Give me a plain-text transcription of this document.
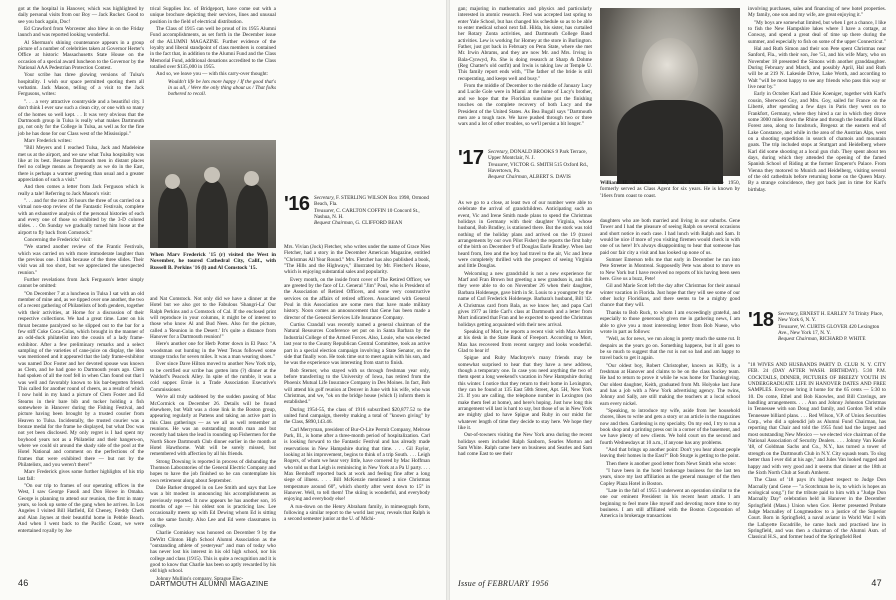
got at the hospital in Hanover, which was highlighted by daily personal visits from our Boy — Jack Rucker. Good to see you back again, Doc!

Ed Crawford from Worcester also blew in on the Friday launch and was reported looking wonderful.

Al Sherman's shining countenance appears in a group picture of a number of celebrities taken at Governor Herter's Office at historic Massachusetts State House on the occasion of a special award luncheon to the Governor by the National AAA Pedestrian Protection Contest.

Your scribe has three glowing versions of Tulsa's hospitality. I wish our space permitted quoting them all verbatim. Jack Mason, telling of a visit to the Jack Fergusons, writes:

". . . a very attractive countryside and a beautiful city. I don't think I ever saw such a clean city, or one with so many of the homes so well kept. . . It was very obvious that the Dartmouth group in Tulsa is really what makes Dartmouth go, not only for the College in Tulsa, as well as for the fine job he has done for our Class west of the Mississippi."

Marv Frederick writes:

"Bill Meyers and I reached Tulsa, Jack and Madeleine met us at the airport, and we saw what Tulsa hospitality was like at its best. Because Dartmouth men in distant places feel no college means as frequently as we do in the East, there is perhaps a warmer greeting than usual and a greater appreciation of such a visit."

And then comes a letter from Jack Ferguson which is really a tale! Referring to Jack Mason's visit:

". . . and for the next 36 hours the three of us carried on a virtual non-stop review of the Fantastic Festivals, complete with an exhaustive analysis of the personal histories of each and every one of those so exhibited by the 3-D colored slides. . . On Sunday we gradually turned him loose at the airport to fly back from Comstock."

Concerning the Fredericks' visit:

"We started another review of the Frantic Festivals, which was carried on with more immoderate laughter than the previous one. I think because of the three slides. Their visit was all too short, but we appreciated the unexpected reunion."

Further revelations from Jack Ferguson's letter simply cannot be omitted:

"On December 7 at a luncheon in Tulsa I sat with an old member of mine and, as we tipped over one another, the two of a recent gathering of Philatelists of both genders, together with their activities, at Horne for a discussion of their respective collections. We had a great time. Later on his throat became paralyzed so he slipped out to the bar for a few stiff Coke Coca-Colas, which brought in the manner of an odd-duck philatelist into the cousin of a lady frame-exhibitor. After a few preliminary remarks and a select sampling of the varieties of cane-juice on display, the idea was mentioned and it appeared that the lady frame-exhibitor was named Doc Foster and her devoted spouse was known as Clem, and he had gone to Dartmouth years ago. Clem had spoken of all the roof fell in when Clan found out that I was well and favorably known to his bar-begotten friend. This called for another round of cheers, as a result of which I now hold in my hand a picture of Clem Foster and Ed Stearns in their bare bib and tucker holding a fish somewhere in Hanover during the Fishing Festival, and picture having been brought by a trusted courier from Heaven to Tulsa. Incidentally, the trusted courier was a bronze medal for the frame he displayed, but what Doc was not yet been disclosed. My only regret is I had spent my boyhood years not as a Philatelist and their hangers-on, where we could sit around the shady side of the pool at the Hotel National and comment on the perfections of the frames that were exhibited there — but not by the Philatelists, and you weren't there!"

Marv Frederick gives some further highlights of his trip last fall:

"On our trip to frames of our operating offices in the West, I saw George Fasoli and Don Howe in Omaha. George is planning to attend our reunion, the first in many years, so look up some of the gang when he arrives. In Los Angeles I visited Bill Hatfield, Ed Cheney, Freddy Cheth and Alan Jaynes at their beautiful home in Pebble Beach. And when I went back to the Pacific Coast, we were entertained royally by Joe

trical Supplies Inc. of Bridgeport, have come out with a unique brochure depicting their services, lines and unusual position in the field of electrical distribution.

The Class of 1915 can well be proud of its 1955 Alumni Fund accomplishments, as set forth in the December issue of the ALUMNI MAGAZINE. Further evidence of the loyalty and liberal standpoint of class members is contained in the fact that, in addition to the Alumni Fund and the Class Memorial Fund, additional donations accredited to the Class totalled over $135,000 in 1955.

And so, we leave you — with this carry-over thought:

Wouldn't life be lots more happy / If the good that's in us all, / Were the only thing about us / That folks bothered to recall.

When Marv Frederick '15 (r) visited the West in November, he toured Cathedral City, Calif., with Russell B. Perkins '16 (l) and Al Comstock '15.

and Nat Comstock. Not only did we have a dinner at the Hotel but we also got to the Fabulous 'Shangri-La' Our Ralph Perkins and a Comstock of Cal. If the enclosed print will reproduce in your columns, it might be of interest to those who know Al and Bud Nees. Also for the picture, called a 'Reunion in the Desert.' It's quite a distance from Hanover for a Dartmouth reunion!"

Here's another one for Herb Potter down in El Paso: "A woodsman out hunting in the West Texas followed some strange tracks for seven miles. It was a man wearing shoes."

Ever since Dave Hilton moved to another New York trip, to be certified our scribe has gotten into (?) dinner at the Waldorf's Peacock Alley. In spite of the rumble, it was a cold supper. Ernie is a Trade Association Executive's Commissioner.

We're all truly saddened by the sudden passing of Mac McCormick on December 26. Details will be found elsewhere, but Walt was a close link in the Boston group, appearing regularly at Pattens and taking an active part in this Class gatherings — as we all as well remember at reunions. He was an outstanding mouth man and but recently had taken the lead in rounding up Fishermen for the North Shore Dartmouth Club dinner earlier in the month at Hotel Hawthorne. Walt will be sorely missed, but remembered with affection by all his friends.

Strong Downing is reported in process of disbanding the Thomson Laboratories of the General Electric Company and hopes to have the job finished so he can contemplate his own retirement along about September.

Dale Barker dropped in on Lee Smith and says that Lee was a bit modest in announcing his accomplishments as previously reported. It now appears he has another son, 16 months of age — his oldest son is practicing law. Lee occasionally meets up with Ed Dewing whom Ed is sitting on the same faculty. Also Lee and Ed were classmates in college.

Charlie Comiskey was honored on December 9 by the DeWitt Clinton High School Alumni Association as the "outstanding athlete of yesteryear" and man of today who has never lost his interest in his old high school, nor his college and class (1915). This is quite a recognition and it is good to know that Charlie has been so aptly rewarded by his old high school.

Johnny Mullins's company, Sprague Elec-

'16 Secretary, F. STERLING WILSON Box 1998, Ormond Beach, Fla.
Treasurer, C. CARLTON COFFIN 10 Concord St., Nashua, N. H.
Bequest Chairman, G. CLIFFORD BEAN

Mrs. Vivian (Jock) Fletcher, who writes under the name of Grace Nies Fletcher, had a story in the December American Magazine, entitled "Christmas All Year Round." Mrs. Fletcher has also published a book, "The Hills and the Highways," illustrated by Mr. Fletcher's House, which is enjoying substantial sales and popularity.

Every month, on the inside front cover of The Retired Officer, we are greeted by the face of Lt. General "Jim" Poul, who is President of the Association of Retired Officers, and some very constructive services on the affairs of retired officers. Associated with General Poul in this Association are some men that have made military history. Noon comes an announcement that Gene has been made a director of the General Services Life Insurance Company.

Curtiss Crandall was recently named a general chairman of the Natural Resources Conference set put on in Santa Barbara by the Industrial College of the Armed Forces. Also, Louie, who was elected last year to the County Republican Central Committee, took an active part in a special election campaign involving a State Senator, on the side that finally won. He took time out to meet again with his son, and he was the experience was interesting from start to finish.

Bob Sterner, who stayed with us through freshman year only, before transferring to the University of Iowa, has retired from the Phoenix Mutual Life Insurance Company in Des Moines. In fact, Bob will attend his golf reunion at Denver in June with his wife, who was Christmas, and we, "ok on the bridge house (which I) inform them is established."

During 1954-55, the class of 1916 subscribed $20,877.52 to the united fund campaign, thereby making a total of "known giving" by the Class, $890,143.46.

Carl Merryman, president of Bur-O-Lite Permit Company, Melrose Park, Ill., is home after a three-month period of hospitalization. Carl is looking forward to the Fantastic Festival and has already made reservations in New Hampshire during that time. . . . Gil Faylor, looking at his improvement, begins to think of a trip South. . . . Leigh Rogers, of whom we hear very little, have cornered by Mac Hoffman who told us that Leigh is reminiscing in New York at a Pa U party. . . . Max Bernhoff reported back at work and feeling fine after a long siege of illness. . . . Bill McKenzie mentioned a nice Christmas temperature around 60°, which shortly after went down to 15° in Hanover. Well, to tell them! The skiing is wonderful, and everybody enjoying and everybody else!

A run-down on the Henry Abraham family, in mimeograph form, following a similar report to the world last year, reveals that Ralph is a second semester junior at the U. of Michi-

46	DARTMOUTH ALUMNI MAGAZINE

gan; majoring in mathematics and physics and particularly interested in atomic research. Fred was accepted last spring to enter Yale School, but has changed his schedule so as to be able to enter medical school next fall. Hilda, his sister, has curtailed her Rotary Zonta activities, and Dartmouth College Band activities. Lew is working for Homey at the store in Burlington. Father, just got back in February on Penn State, where she met Mr. Irwin Abrams, and they are now Mr. and Mrs. Irving in Bala-Cynwyd, Pa. She is doing research at Sharp & Dohme (Reg Chatter's old outfit) and Irwin is taking law at Temple U. This family report ends with, "The father of the bride is still recuperating, and keeps well and busy."

From the middle of December to the middle of January Lucy and Lucile Gole were in Miami at the home of Lucy's brother, and we hope that the Floridian sunshine put the finishing touches on the complete recovery of both Lucy and the President of the United States. As Bea Bugall says "Dartmouth men are a tough race. We have pushed through two or three wars and a lot of other troubles, so we'll persist a bit longer."

'17 Secretary, DONALD BROOKS 9 Park Terrace, Upper Montclair, N. J.
Treasurer, VICTOR G. SMITH 515 Oxford Rd., Havertown, Pa.
Bequest Chairman, ALBERT S. DAVIS

As we go to a close, at least two of our number were able to celebrate the arrival of grandchildren. Anticipating such an event, Vic and Irene Smith made plans to spend the Christmas holidays in Germany with their daughter Virginia, whose husband, Bob Bradley, is stationed there. But the stork was told nothing of the holiday plans and arrived on the 19 (travel arrangements by our own Pilot Fisher) the reports the first baby of the birth on December 9 of Douglas Earle Bradley. When last heard from, Ireo and the boy had travel to the air, Vic and Irene were completely thrilled with the prospect of seeing Virginia and little Douglas.

Welcoming a new grandchild is not a new experience for Marf and Fran Brown but greeting a new grandson is, and this they were able to do on November 26 when their daughter, Barbara Holdenege, gave birth in St. Louis to a youngster by the name of Carl Frederick Holdenege. Barbara's husband, Bill '42. A Christmas card from Bala, as we know her, and papa Carl gives 1977 as little Carl's class at Dartmouth and a letter from Mort indicated that Fran and he expected to spend the Christmas holidays getting acquainted with their new arrival.

Speaking of Mort, he reports a recent visit with Max Antrim at his desk in the State Bank of Freeport. According to Mort, Max has recovered from recent surgery and looks wonderful. Glad to hear it!

Spigue and Ruby MacIntyre's many friends may be somewhat surprised to hear that they have a new address, though a temporary one. In case you need anything the two of them spent a long weekend's vacation in New Hampshire during this winter. I notice that they return to their home in Lexington, they can be found at 135 East 50th Street, Apt. 5H, New York 21. If you are calling, the telephone number in Lexington (no make them feel at home), and here's hoping. Just how long this arrangement will last is hard to say, but those of us in New York are mighty glad to have Spigue and Ruby in our midst for whatever length of time they decide to stay here. We hope they like it.

Out-of-towners visiting the New York area during the recent holidays seem included Ralph Sanborn, Searles Morton and Sam White. Ralph came here on business and Searles and Sam had come East to see their

William H. McKenzie '16, Class President since 1950, formerly served as Class Agent for six years. He is known by '16ers from coast to coast.

daughters who are both married and living in our suburbs. Gene Tower and I had the pleasure of seeing Ralph on several occasions and short notice in each case. I had lunch with Ralph and Sam. It would be nice if more of you visiting firemen would check in with one of us here! It's always disappointing to hear that someone has paid our fair city a visit and has looked up none of us.

Sumner Emerson tells me that early in December he ran into Pete Streeter in Montreal. Supposedly Pete was about to move on to New York but I have received no reports of his having been seen here. Give us a buzz, Pete!

Gil and Marie Scott left the day after Christmas for their annual winter vacation in Florida. Just hope that they will see some of our other lucky Floridians, and there seems to be a mighty good chance that they will.

Thanks to Bob Ruck, to whom I am exceedingly grateful, and especially to those generously given me in gathering news, I am able to give you a most interesting letter from Bob Nuese, who wrote in part as follows:

"Well, as for news, we run along in pretty much the same rut. It despairs as the years go on. Something happens, but it all goes to be so much to suggest that the rut is not so bad and am happy to travel back to get it again.

"Our oldest boy, Robert Christopher, known as Kiffy, is a freshman at Hanover and claims to be on the class hockey team. He had to return to prove it while he was home for Thanksgiving. Our oldest daughter, Keith, graduated from Mt. Holyoke last June and has a job with a New York advertising agency. The twins, Johnny and Sally, are still making the teachers at a local school earn every nickel.

"Speaking, to introduce my wife, aside from her household chores, likes to write and gets a story or an article in the magazines now and then. Gardening is my specialty. On my end, I try to run a book shop and a printing press out in a corner of the basement, and we have plenty of new clients. We hold court on the second and fourth Wednesdays at 10 a.m., if anyone has any problems.

"And that brings up another point: Don't you hear about people leaving their homes in the East?" Bob Sturge is getting to the point.

Then there is another good letter from Newt Smith who wrote:

"I have been in the hotel brokerage business for the last ten years, since my last affiliation as the general manager of the then Copley Plaza Hotel in Boston.

"Late in the fall of 1955 I underwent an operation similar to the one our eminent President in his recent heart attack. I am beginning to feel more like myself and devoting more time to my business. I am still affiliated with the Boston Corporation of America in brokerage transactions

involving purchases, sales and financing of new hotel properties. My family, one son and my wife, are great enjoying it."

"My boys are somewhat limited, but when I get a chance, I like to fish the New Hampshire lakes where I have a cottage, at Conway, and spend a great deal of time up there during the summer, and especially to fish on some of the upper Connecticut."

Hal and Ruth Simon and their son Pete spent Christmas near Sanford, Fla., with their son, Joe '51, and his wife Mary, who on November 18 presented the Simons with another granddaughter. During February and March, and possibly April, Hal and Ruth will be at 219 N. Lakeside Drive, Lake Worth, and according to Walt "will be most happy to see any friends who pass this way or live near by."

Early in October Karl and Elsie Koeniger, together with Karl's cousin, Sherwood Goy, and Mrs. Goy, sailed for France on the Liberté, after spending a few days in Paris they went on to Frankfort, Germany, where they hired a car in which they drove some 3000 miles down the Rhine and through the beautiful Black Forest area, along to Innsbruck, Bregenz at the eastern end of Lake Constance, and while in the area of the Austrian Alps, went on a shooting expedition in search of chamois and mountain goats. The trip included stops at Stuttgart and Heidelberg where Karl did some shooting at a local gun club. They spent about ten days, during which they attended the opening of the famed Spanish School of Riding at the former Emperor's Palace. From Vienna they motored to Munich and Heidelberg, visiting several of the old cathedrals before returning home on the Queen Mary. By a strange coincidence, they got back just in time for Karl's birthday.

'18 Secretary, ERNEST H. EARLEY 74 Trinity Place, New York 6, N. Y.
Treasurer, W. CURTIS GLOVER 420 Lexington Ave., New York 17, N. Y.
Bequest Chairman, RICHARD P. WHITE

"18 WIVES AND HUSBANDS PARTY D. CLUB N. Y. CITY FEB. 24 (DAY AFTER WASH. BIRTHDAY). 5:30 P.M. COCKTAILS, DINNER, PICTURES OF BREEZY YOUTH IN UNDERGRADUATE LIFE IN HANOVER DATES AND FREE SAMPLES. Everyone bring it home for the 65 cents — 5:30 to 10. Do come, Ethel and Bob Knowles, and Bill Cravings, are handling arrangements. . . . Ann and Johnny Johnston Christmas in Tennessee with son Doug and family, and Gordon Tell while Tennessee billiard plans. . . . Red Wilson, V.P. of Union Securities Corp., who did a splendid job as Alumni Fund Chairman, has reporting that Chair and told the 1955 fund had the largest and most outstanding New Mexico — we elected vice chairman of the National Association of Security Dealers. . . . Johnny Van Kealie '48, of Goldman Sachs and Co., N.Y., has turned a tower of strength on the Dartmouth Club in N.Y. City squash team. To slog better than I ever did at his age," and Jules Van looked rugged and happy and with very good and it seems that dinner at the 18th at the Sixth North Club at South Amherst.

The Class of '18 pays it's highest respect to Judge Don Macnally (and Gene — "a Scotchman he is, to which is hopes an ecological song.") for the tribute paid to him with a "Judge Don Macnally Day" celebration held in Hanover in the December Springfield (Mass.) Union when Gov. Herter presented Probate Judge Macnalley of Longmeadow to a justice of the Superior Court. Born in Springfield, a naval aviator in World War I with the Lafayette Escadrille, he came back and practised law in Springfield, and was then a chairman of the Alumni Asm. of Classical H.S., and former head of the Springfield Red

Issue of FEBRUARY 1956	47
